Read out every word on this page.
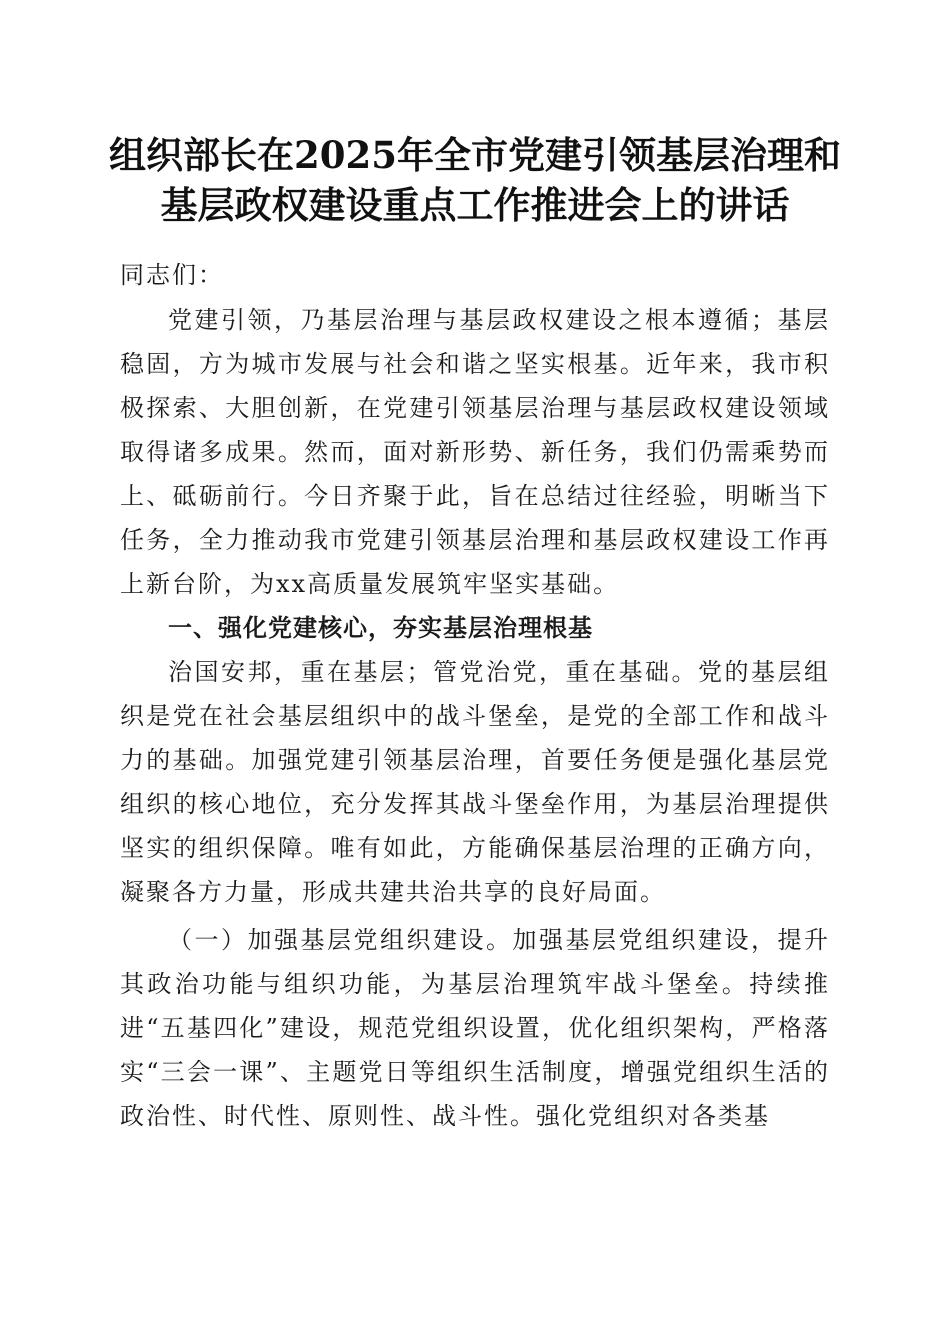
组织部长在2025年全市党建引领基层治理和
基层政权建设重点工作推进会上的讲话

同志们：

党建引领，乃基层治理与基层政权建设之根本遵循；基层稳固，方为城市发展与社会和谐之坚实根基。近年来，我市积极探索、大胆创新，在党建引领基层治理与基层政权建设领域取得诸多成果。然而，面对新形势、新任务，我们仍需乘势而上、砥砺前行。今日齐聚于此，旨在总结过往经验，明晰当下任务，全力推动我市党建引领基层治理和基层政权建设工作再上新台阶，为xx高质量发展筑牢坚实基础。

一、强化党建核心，夯实基层治理根基

治国安邦，重在基层；管党治党，重在基础。党的基层组织是党在社会基层组织中的战斗堡垒，是党的全部工作和战斗力的基础。加强党建引领基层治理，首要任务便是强化基层党组织的核心地位，充分发挥其战斗堡垒作用，为基层治理提供坚实的组织保障。唯有如此，方能确保基层治理的正确方向，凝聚各方力量，形成共建共治共享的良好局面。

（一）加强基层党组织建设。加强基层党组织建设，提升其政治功能与组织功能，为基层治理筑牢战斗堡垒。持续推进“五基四化”建设，规范党组织设置，优化组织架构，严格落实“三会一课”、主题党日等组织生活制度，增强党组织生活的政治性、时代性、原则性、战斗性。强化党组织对各类基
